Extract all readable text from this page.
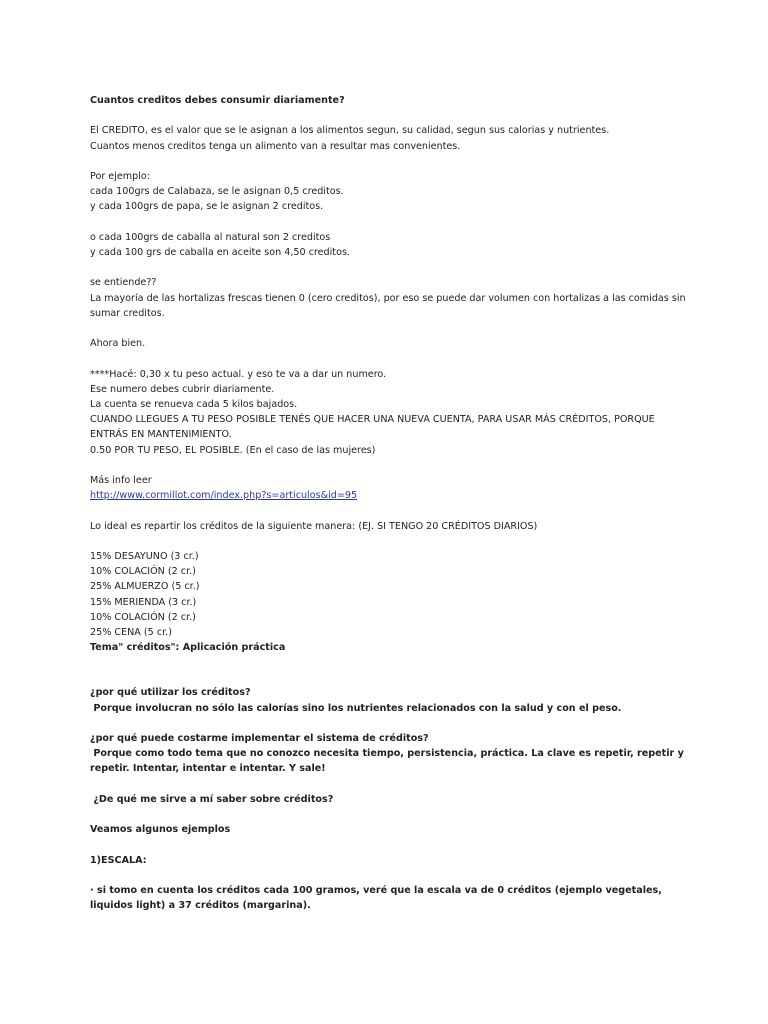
Cuantos creditos debes consumir diariamente?
El CREDITO, es el valor que se le asignan a los alimentos segun, su calidad, segun sus calorias y nutrientes.
Cuantos menos creditos tenga un alimento van a resultar mas convenientes.
Por ejemplo:
cada 100grs de Calabaza, se le asignan 0,5 creditos.
y cada 100grs de papa, se le asignan 2 creditos.
o cada 100grs de caballa al natural son 2 creditos
y cada 100 grs de caballa en aceite son 4,50 creditos.
se entiende??
La mayoría de las hortalizas frescas tienen 0 (cero creditos), por eso se puede dar volumen con hortalizas a las comidas sin sumar creditos.
Ahora bien.
****Hacé: 0,30 x tu peso actual. y eso te va a dar un numero.
Ese numero debes cubrir diariamente.
La cuenta se renueva cada 5 kilos bajados.
CUANDO LLEGUES A TU PESO POSIBLE TENÉS QUE HACER UNA NUEVA CUENTA, PARA USAR MÁS CRÉDITOS, PORQUE ENTRÁS EN MANTENIMIENTO.
0.50 POR TU PESO, EL POSIBLE. (En el caso de las mujeres)
Más info leer
http://www.cormillot.com/index.php?s=articulos&id=95
Lo ideal es repartir los créditos de la siguiente manera: (EJ. SI TENGO 20 CRÉDITOS DIARIOS)
15% DESAYUNO (3 cr.)
10% COLACIÓN (2 cr.)
25% ALMUERZO (5 cr.)
15% MERIENDA (3 cr.)
10% COLACIÓN (2 cr.)
25% CENA (5 cr.)
Tema" créditos": Aplicación práctica
¿por qué utilizar los créditos?
Porque involucran no sólo las calorías sino los nutrientes relacionados con la salud y con el peso.
¿por qué puede costarme implementar el sistema de créditos?
Porque como todo tema que no conozco necesita tiempo, persistencia, práctica. La clave es repetir, repetir y repetir. Intentar, intentar e intentar. Y sale!
¿De qué me sirve a mí saber sobre créditos?
Veamos algunos ejemplos
1)ESCALA:
· si tomo en cuenta los créditos cada 100 gramos, veré que la escala va de 0 créditos (ejemplo vegetales, liquidos light) a 37 créditos (margarina).
